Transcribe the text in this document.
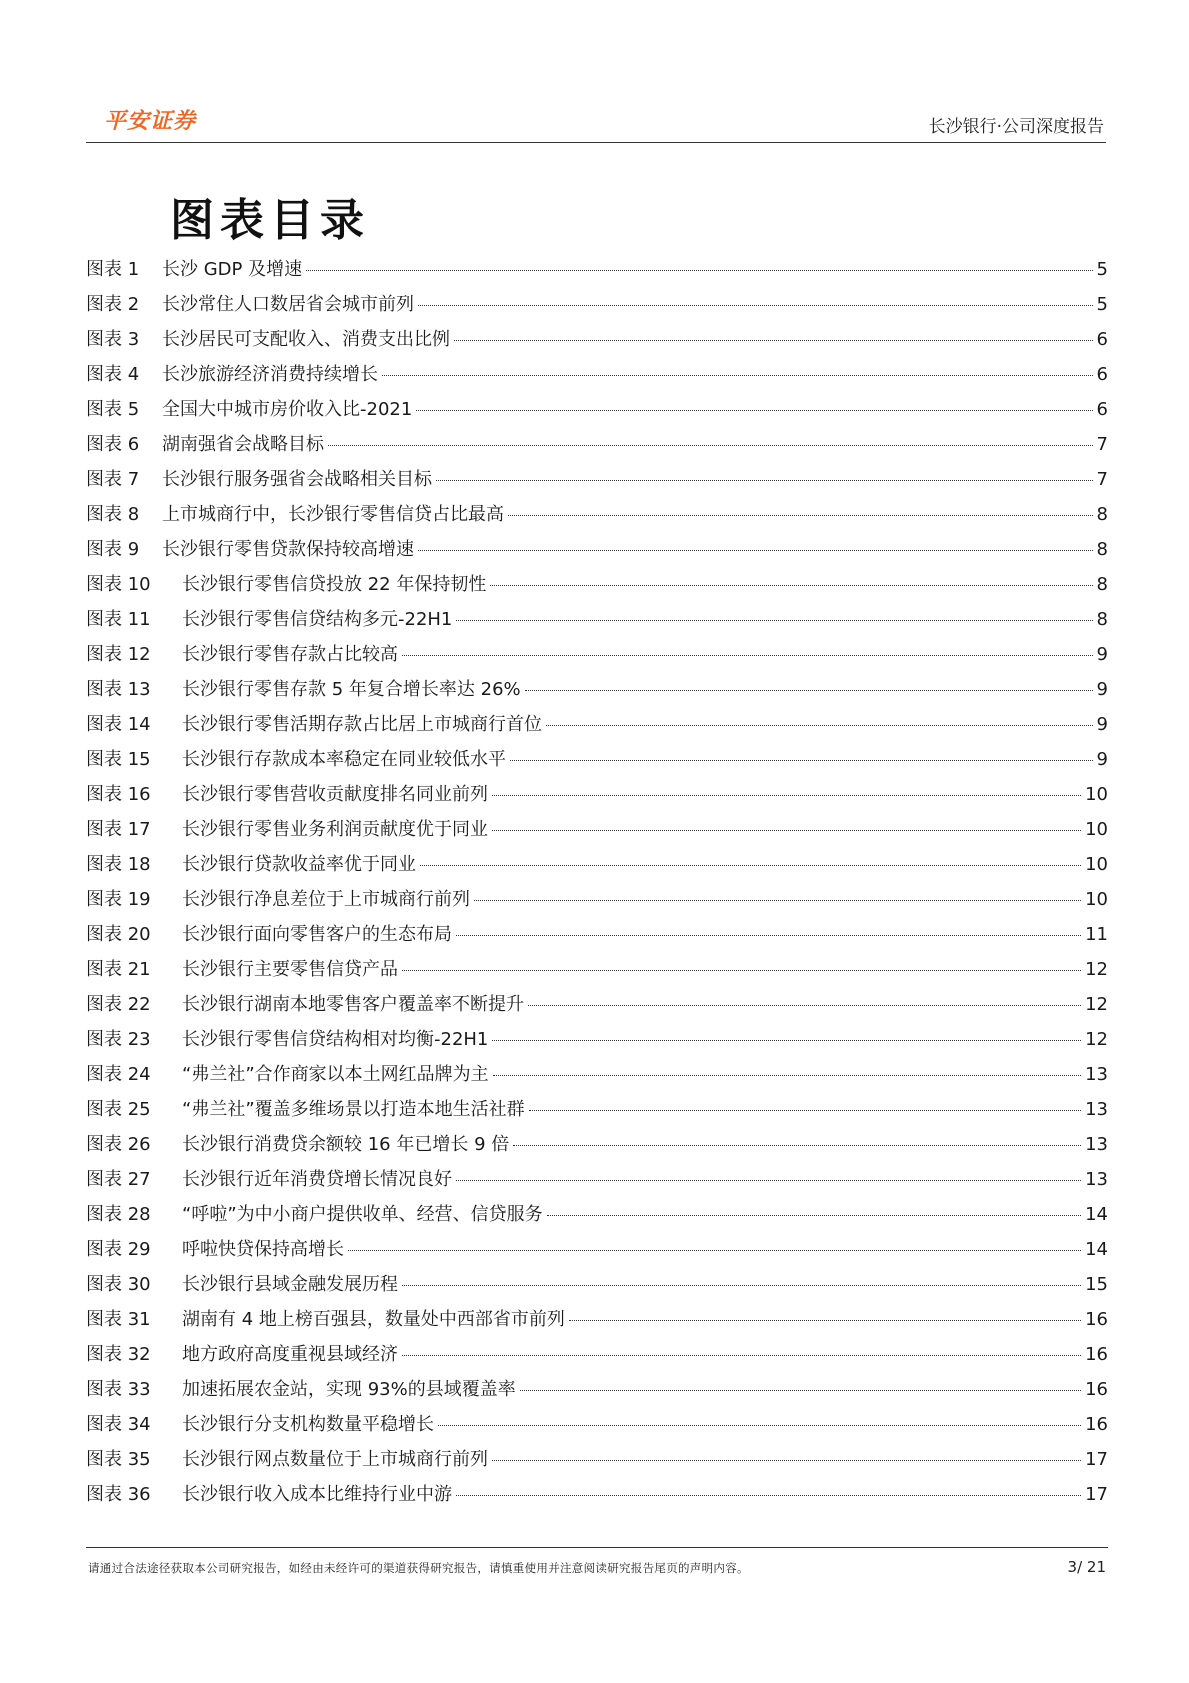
平安证券	长沙银行·公司深度报告
图表目录
图表 1	长沙 GDP 及增速	5
图表 2	长沙常住人口数居省会城市前列	5
图表 3	长沙居民可支配收入、消费支出比例	6
图表 4	长沙旅游经济消费持续增长	6
图表 5	全国大中城市房价收入比-2021	6
图表 6	湖南强省会战略目标	7
图表 7	长沙银行服务强省会战略相关目标	7
图表 8	上市城商行中，长沙银行零售信贷占比最高	8
图表 9	长沙银行零售贷款保持较高增速	8
图表 10	长沙银行零售信贷投放 22 年保持韧性	8
图表 11	长沙银行零售信贷结构多元-22H1	8
图表 12	长沙银行零售存款占比较高	9
图表 13	长沙银行零售存款 5 年复合增长率达 26%	9
图表 14	长沙银行零售活期存款占比居上市城商行首位	9
图表 15	长沙银行存款成本率稳定在同业较低水平	9
图表 16	长沙银行零售营收贡献度排名同业前列	10
图表 17	长沙银行零售业务利润贡献度优于同业	10
图表 18	长沙银行贷款收益率优于同业	10
图表 19	长沙银行净息差位于上市城商行前列	10
图表 20	长沙银行面向零售客户的生态布局	11
图表 21	长沙银行主要零售信贷产品	12
图表 22	长沙银行湖南本地零售客户覆盖率不断提升	12
图表 23	长沙银行零售信贷结构相对均衡-22H1	12
图表 24	“弗兰社”合作商家以本土网红品牌为主	13
图表 25	“弗兰社”覆盖多维场景以打造本地生活社群	13
图表 26	长沙银行消费贷余额较 16 年已增长 9 倍	13
图表 27	长沙银行近年消费贷增长情况良好	13
图表 28	“呼啦”为中小商户提供收单、经营、信贷服务	14
图表 29	呼啦快贷保持高增长	14
图表 30	长沙银行县域金融发展历程	15
图表 31	湖南有 4 地上榜百强县，数量处中西部省市前列	16
图表 32	地方政府高度重视县域经济	16
图表 33	加速拓展农金站，实现 93%的县域覆盖率	16
图表 34	长沙银行分支机构数量平稳增长	16
图表 35	长沙银行网点数量位于上市城商行前列	17
图表 36	长沙银行收入成本比维持行业中游	17
请通过合法途径获取本公司研究报告，如经由未经许可的渠道获得研究报告，请慎重使用并注意阅读研究报告尾页的声明内容。	3/ 21
